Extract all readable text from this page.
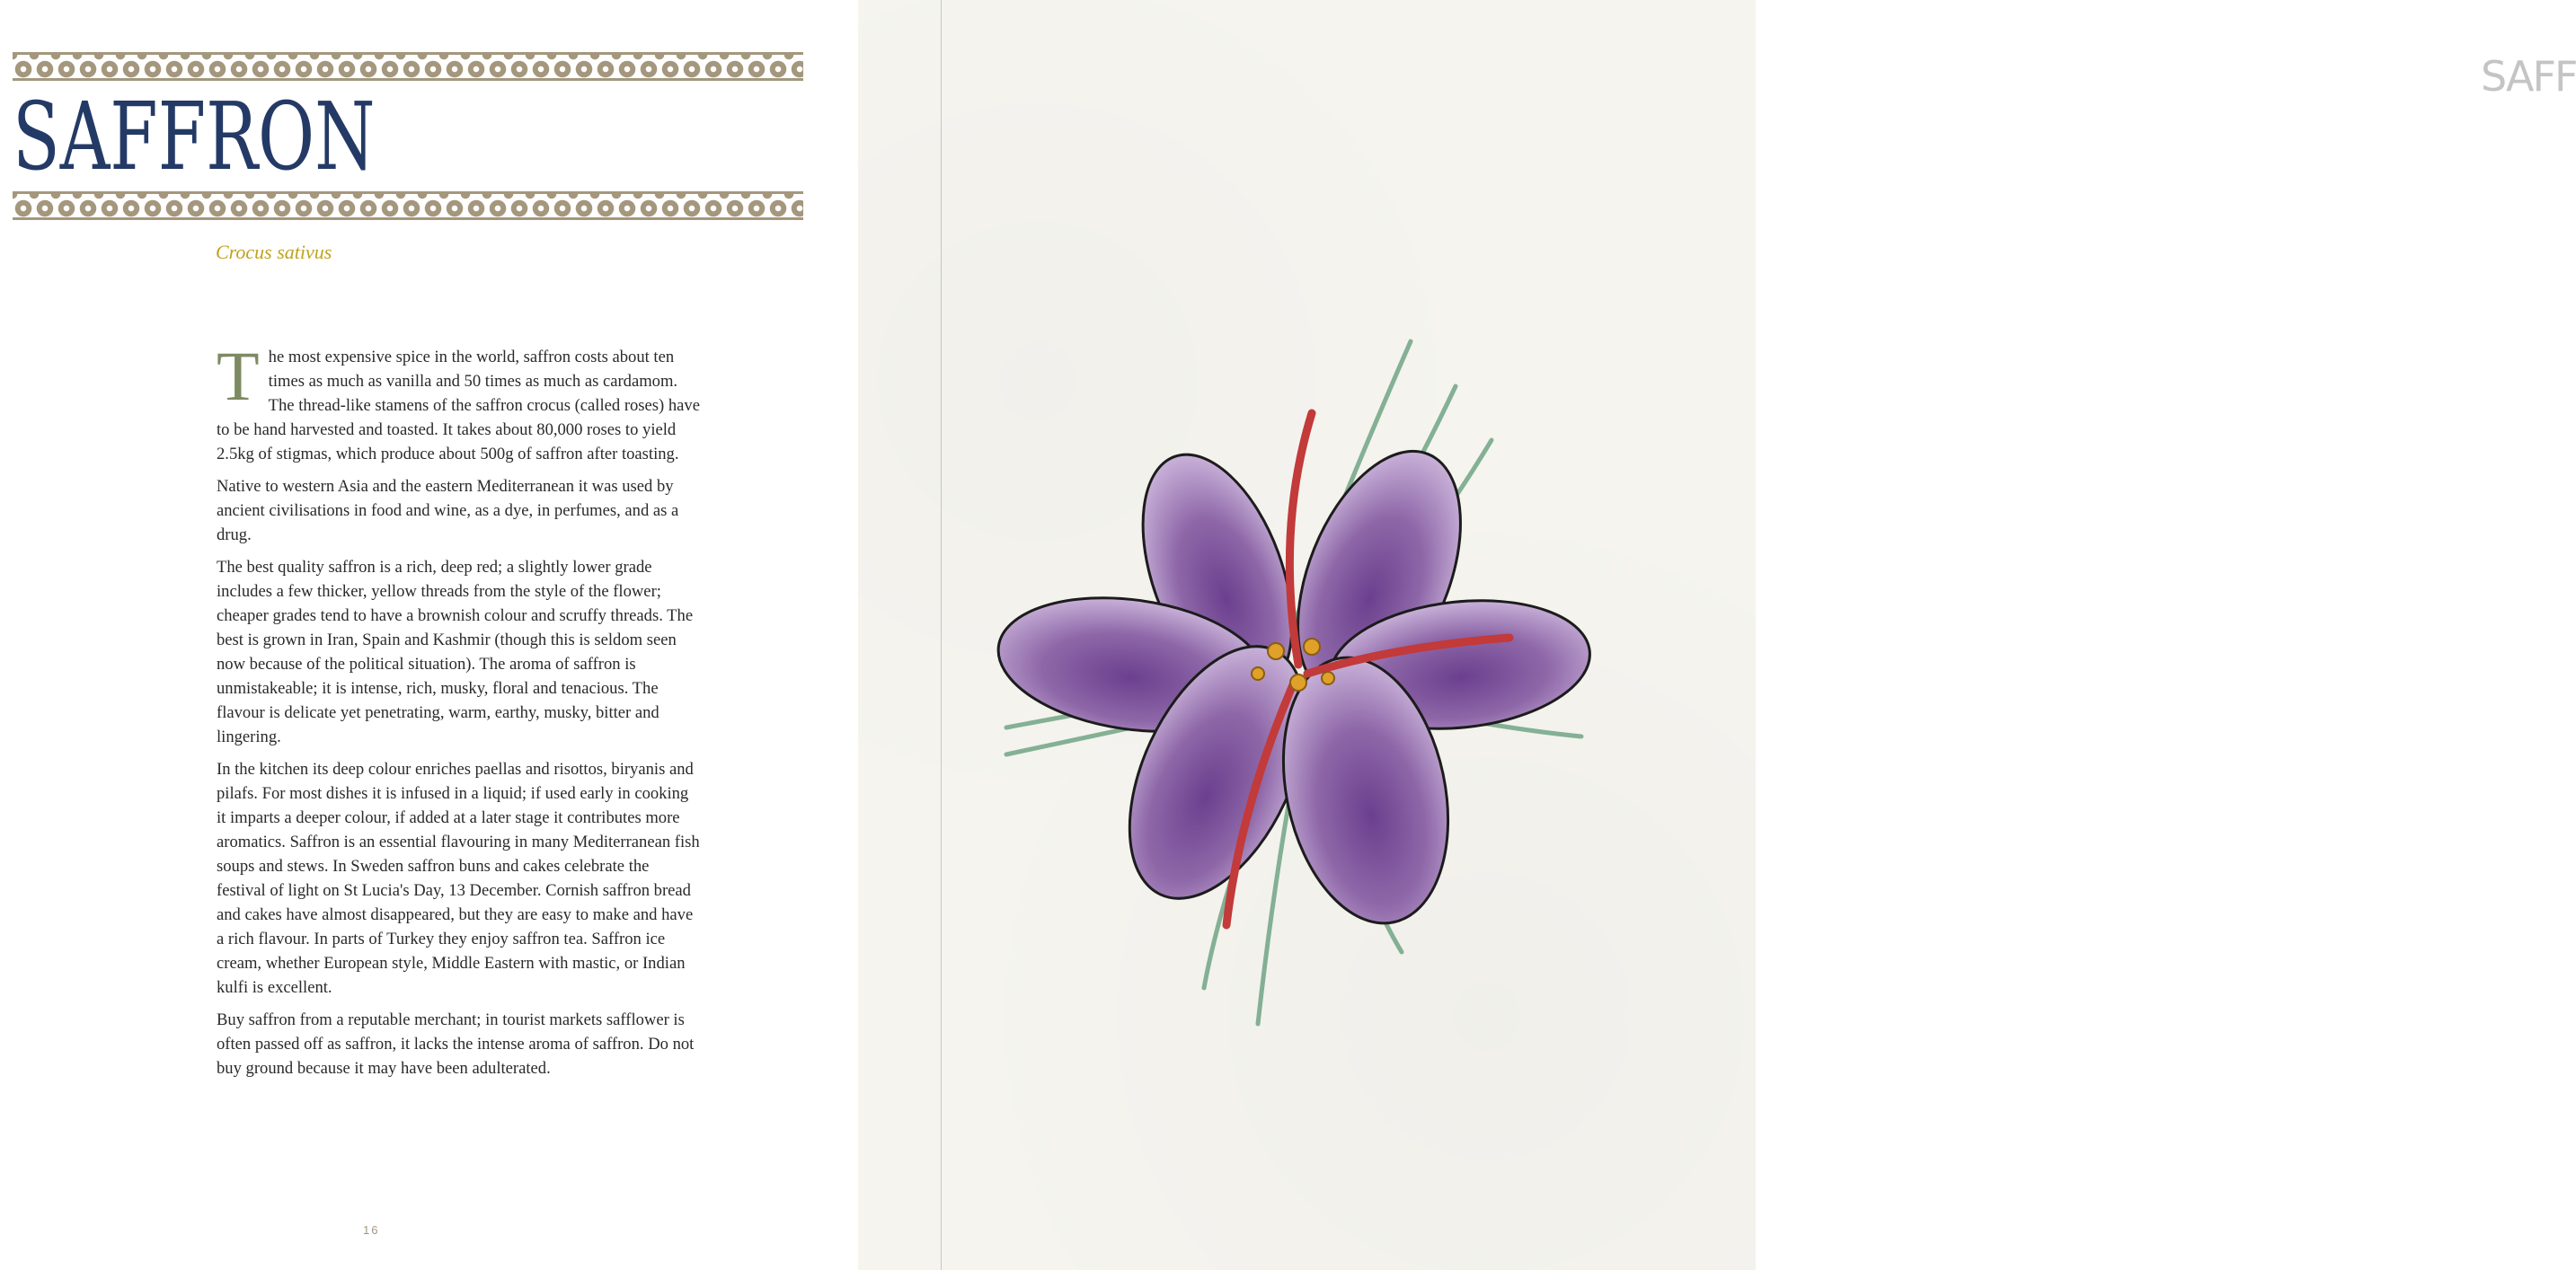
SAFFRON
Crocus sativus

T he most expensive spice in the world, saffron costs about ten times as much as vanilla and 50 times as much as cardamom. The thread-like stamens of the saffron crocus (called roses) have to be hand harvested and toasted. It takes about 80,000 roses to yield 2.5kg of stigmas, which produce about 500g of saffron after toasting.

Native to western Asia and the eastern Mediterranean it was used by ancient civilisations in food and wine, as a dye, in perfumes, and as a drug.

The best quality saffron is a rich, deep red; a slightly lower grade includes a few thicker, yellow threads from the style of the flower; cheaper grades tend to have a brownish colour and scruffy threads. The best is grown in Iran, Spain and Kashmir (though this is seldom seen now because of the political situation). The aroma of saffron is unmistakeable; it is intense, rich, musky, floral and tenacious. The flavour is delicate yet penetrating, warm, earthy, musky, bitter and lingering.

In the kitchen its deep colour enriches paellas and risottos, biryanis and pilafs. For most dishes it is infused in a liquid; if used early in cooking it imparts a deeper colour, if added at a later stage it contributes more aromatics. Saffron is an essential flavouring in many Mediterranean fish soups and stews. In Sweden saffron buns and cakes celebrate the festival of light on St Lucia's Day, 13 December. Cornish saffron bread and cakes have almost disappeared, but they are easy to make and have a rich flavour. In parts of Turkey they enjoy saffron tea. Saffron ice cream, whether European style, Middle Eastern with mastic, or Indian kulfi is excellent.

Buy saffron from a reputable merchant; in tourist markets safflower is often passed off as saffron, it lacks the intense aroma of saffron. Do not buy ground because it may have been adulterated.

16
SAFF
